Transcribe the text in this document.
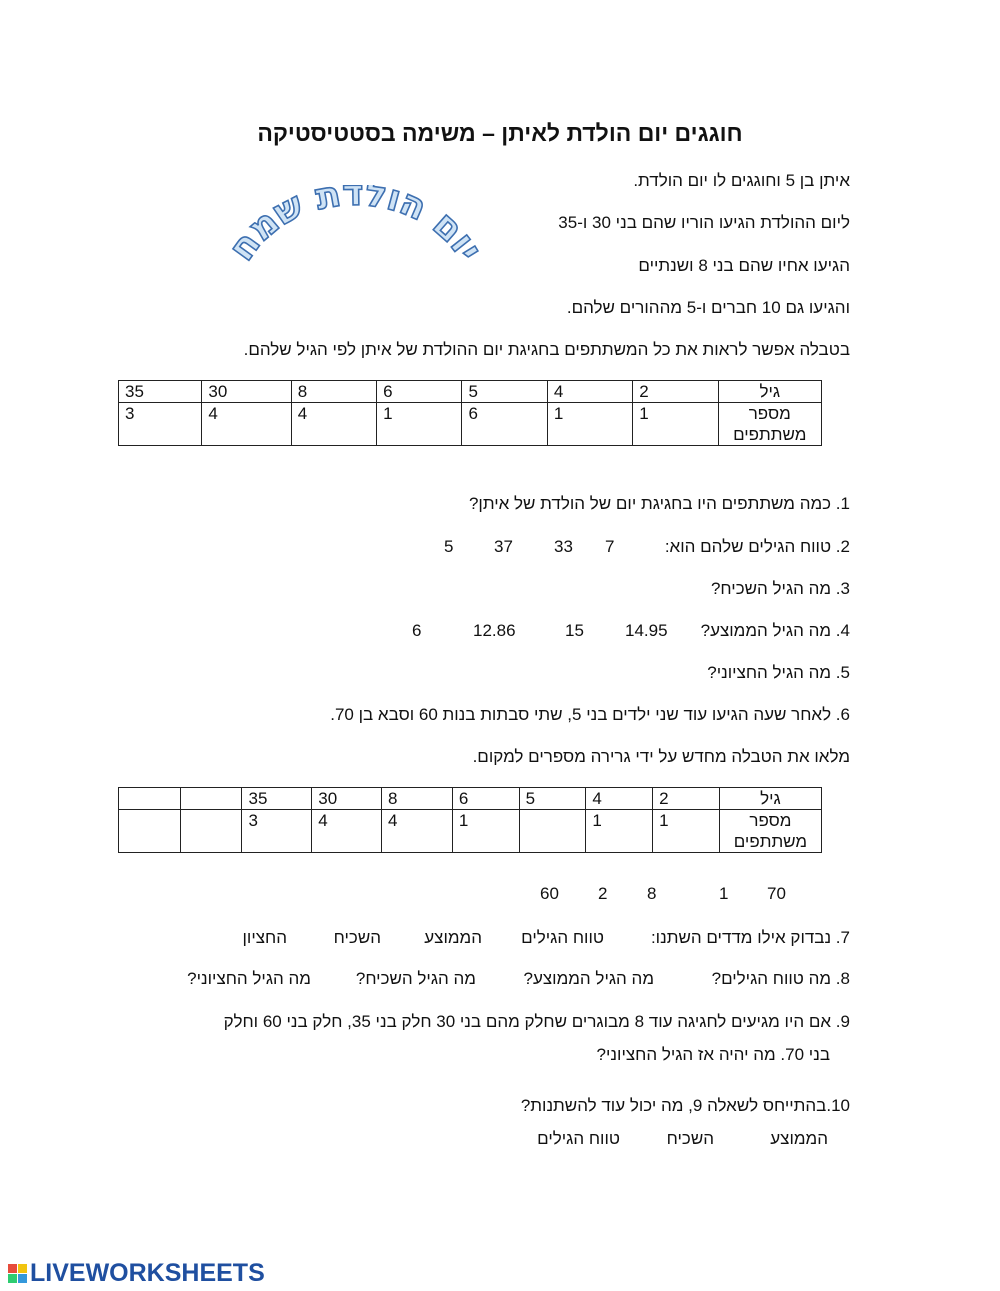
חוגגים יום הולדת לאיתן – משימה בסטטיסטיקה
יום הולדת שמח
איתן בן 5 וחוגגים לו יום הולדת.
ליום ההולדת הגיעו הוריו שהם בני 30 ו-35
הגיעו אחיו שהם בני 8 ושנתיים
והגיעו גם 10 חברים ו-5 מההורים שלהם.
בטבלה אפשר לראות את כל המשתתפים בחגיגת יום ההולדת של איתן לפי הגיל שלהם.
גיל	2	4	5	6	8	30	35
מספר משתתפים	1	1	6	1	4	4	3
1. כמה משתתפים היו בחגיגת יום של הולדת של איתן?
2. טווח הגילים שלהם הוא:
7
33
37
5
3. מה הגיל השכיח?
4. מה הגיל הממוצע?
14.95
15
12.86
6
5. מה הגיל החציוני?
6. לאחר שעה הגיעו עוד שני ילדים בני 5, שתי סבתות בנות 60 וסבא בן 70.
מלאו את הטבלה מחדש על ידי גרירה מספרים למקום.
גיל	2	4	5	6	8	30	35		
מספר משתתפים	1	1		1	4	4	3		
60 2 8	1 70
7. נבדוק אילו מדדים השתנו:
טווח הגילים
הממוצע
השכיח
החציון
8. מה טווח הגילים?
מה הגיל הממוצע?
מה הגיל השכיח?
מה הגיל החציוני?
9. אם היו מגיעים לחגיגה עוד 8 מבוגרים שחלק מהם בני 30 חלק בני 35, חלק בני 60 וחלק
בני 70. מה יהיה אז הגיל החציוני?
10.בהתייחס לשאלה 9, מה יכול עוד להשתנות?
הממוצע
השכיח
טווח הגילים
LIVEWORKSHEETS
